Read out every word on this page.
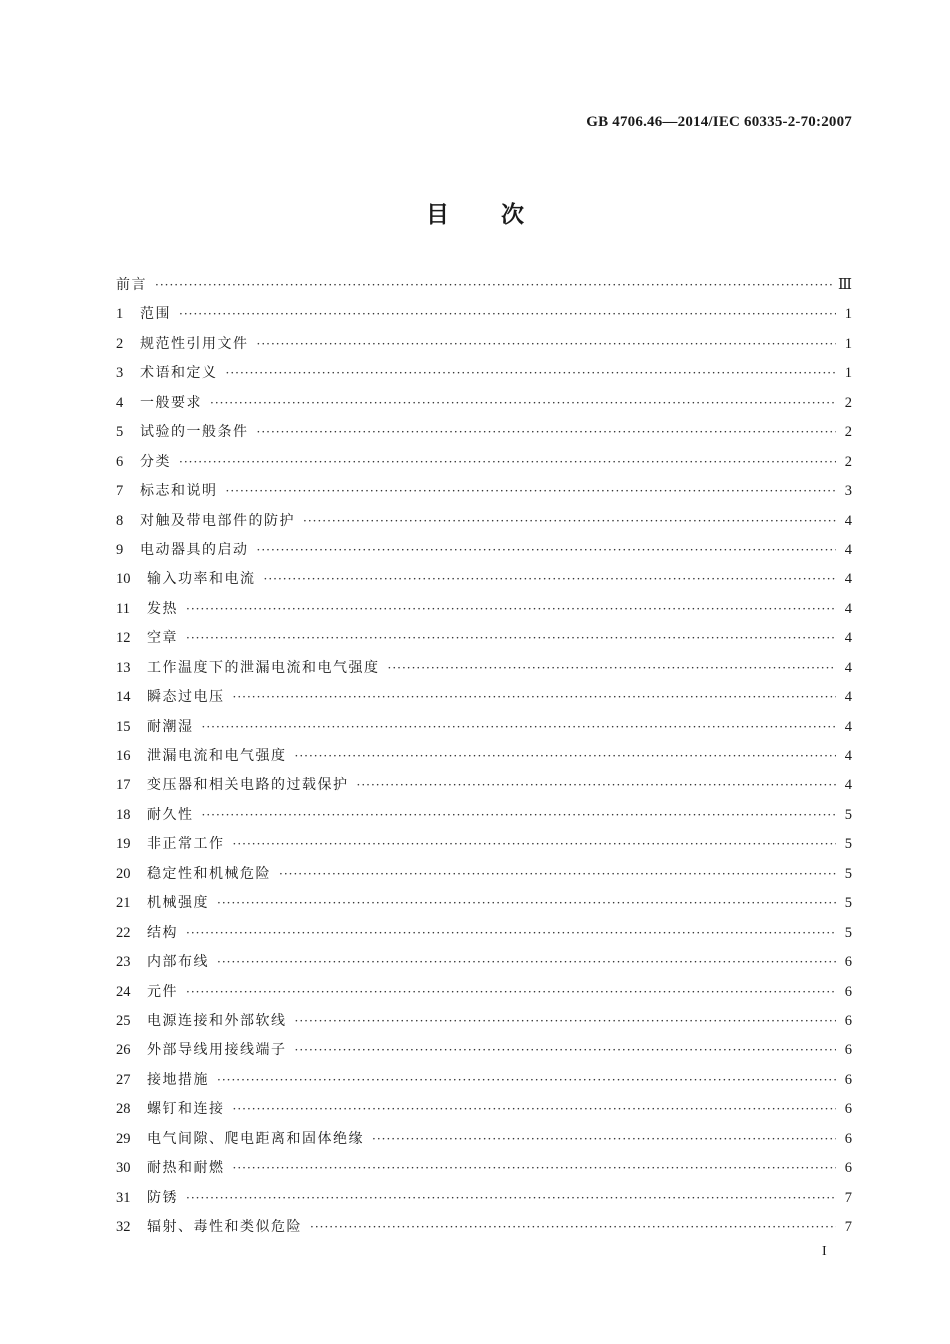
GB 4706.46—2014/IEC 60335-2-70:2007
目 次
前言 ·····	Ⅲ
1	范围 ·····	1
2	规范性引用文件 ·····	1
3	术语和定义 ·····	1
4	一般要求 ·····	2
5	试验的一般条件 ·····	2
6	分类 ·····	2
7	标志和说明 ·····	3
8	对触及带电部件的防护 ·····	4
9	电动器具的启动 ·····	4
10	输入功率和电流 ·····	4
11	发热 ·····	4
12	空章 ·····	4
13	工作温度下的泄漏电流和电气强度 ·····	4
14	瞬态过电压 ·····	4
15	耐潮湿 ·····	4
16	泄漏电流和电气强度 ·····	4
17	变压器和相关电路的过载保护 ·····	4
18	耐久性 ·····	5
19	非正常工作 ·····	5
20	稳定性和机械危险 ·····	5
21	机械强度 ·····	5
22	结构 ·····	5
23	内部布线 ·····	6
24	元件 ·····	6
25	电源连接和外部软线 ·····	6
26	外部导线用接线端子 ·····	6
27	接地措施 ·····	6
28	螺钉和连接 ·····	6
29	电气间隙、爬电距离和固体绝缘 ·····	6
30	耐热和耐燃 ·····	6
31	防锈 ·····	7
32	辐射、毒性和类似危险 ·····	7
I
